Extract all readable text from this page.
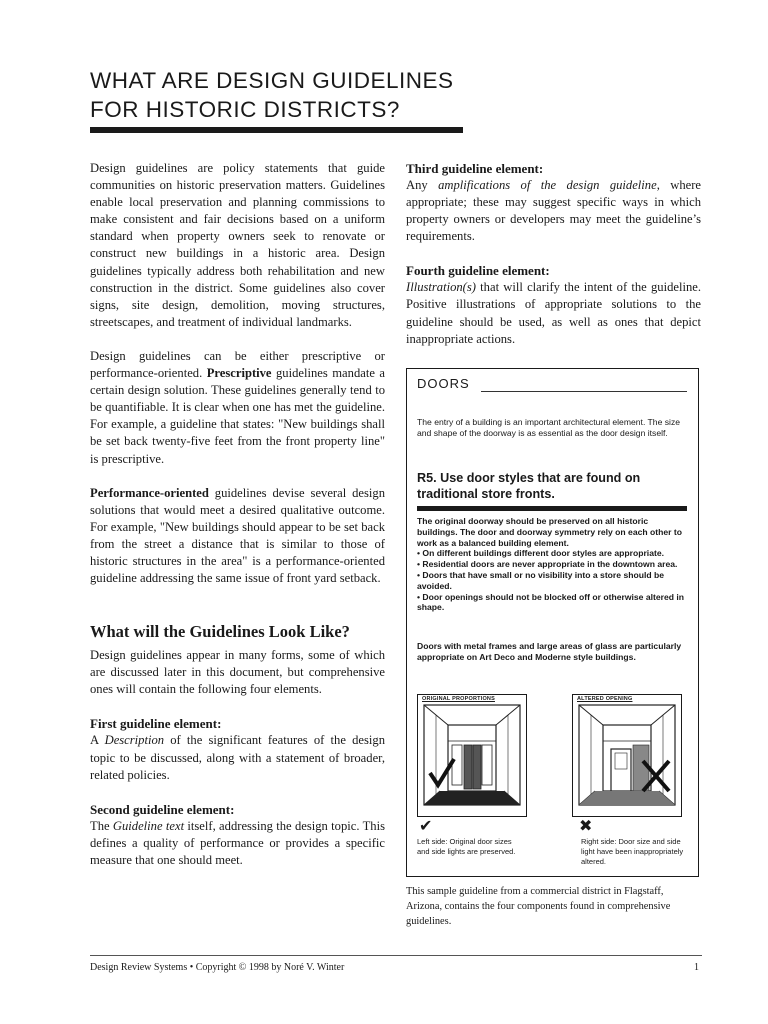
WHAT ARE DESIGN GUIDELINES
FOR HISTORIC DISTRICTS?

Design guidelines are policy statements that guide communities on historic preservation matters. Guidelines enable local preservation and planning commissions to make consistent and fair decisions based on a uniform standard when property owners seek to renovate or construct new buildings in a historic area. Design guidelines typically address both rehabilitation and new construction in the district. Some guidelines also cover signs, site design, demolition, moving structures, streetscapes, and treatment of individual landmarks.

Design guidelines can be either prescriptive or performance-oriented. Prescriptive guidelines mandate a certain design solution. These guidelines generally tend to be quantifiable. It is clear when one has met the guideline. For example, a guideline that states: "New buildings shall be set back twenty-five feet from the front property line" is prescriptive.

Performance-oriented guidelines devise several design solutions that would meet a desired qualitative outcome. For example, "New buildings should appear to be set back from the street a distance that is similar to those of historic structures in the area" is a performance-oriented guideline addressing the same issue of front yard setback.

What will the Guidelines Look Like?

Design guidelines appear in many forms, some of which are discussed later in this document, but comprehensive ones will contain the following four elements.

First guideline element:

A Description of the significant features of the design topic to be discussed, along with a statement of broader, related policies.

Second guideline element:

The Guideline text itself, addressing the design topic. This defines a quality of performance or provides a specific measure that one should meet.

Third guideline element:

Any amplifications of the design guideline, where appropriate; these may suggest specific ways in which property owners or developers may meet the guideline’s requirements.

Fourth guideline element:

Illustration(s) that will clarify the intent of the guideline. Positive illustrations of appropriate solutions to the guideline should be used, as well as ones that depict inappropriate actions.

DOORS
The entry of a building is an important architectural element. The size and shape of the doorway is as essential as the door design itself.
R5. Use door styles that are found on traditional store fronts.
The original doorway should be preserved on all historic buildings. The door and doorway symmetry rely on each other to work as a balanced building element.
• On different buildings different door styles are appropriate.
• Residential doors are never appropriate in the downtown area.
• Doors that have small or no visibility into a store should be avoided.
• Door openings should not be blocked off or otherwise altered in shape.
Doors with metal frames and large areas of glass are particularly appropriate on Art Deco and Moderne style buildings.
ORIGINAL PROPORTIONS	ALTERED OPENING
✔	✖
Left side: Original door sizes and side lights are preserved.
Right side: Door size and side light have been inappropriately altered.
This sample guideline from a commercial district in Flagstaff, Arizona, contains the four components found in comprehensive guidelines.
Design Review Systems • Copyright © 1998 by Noré V. Winter	1
